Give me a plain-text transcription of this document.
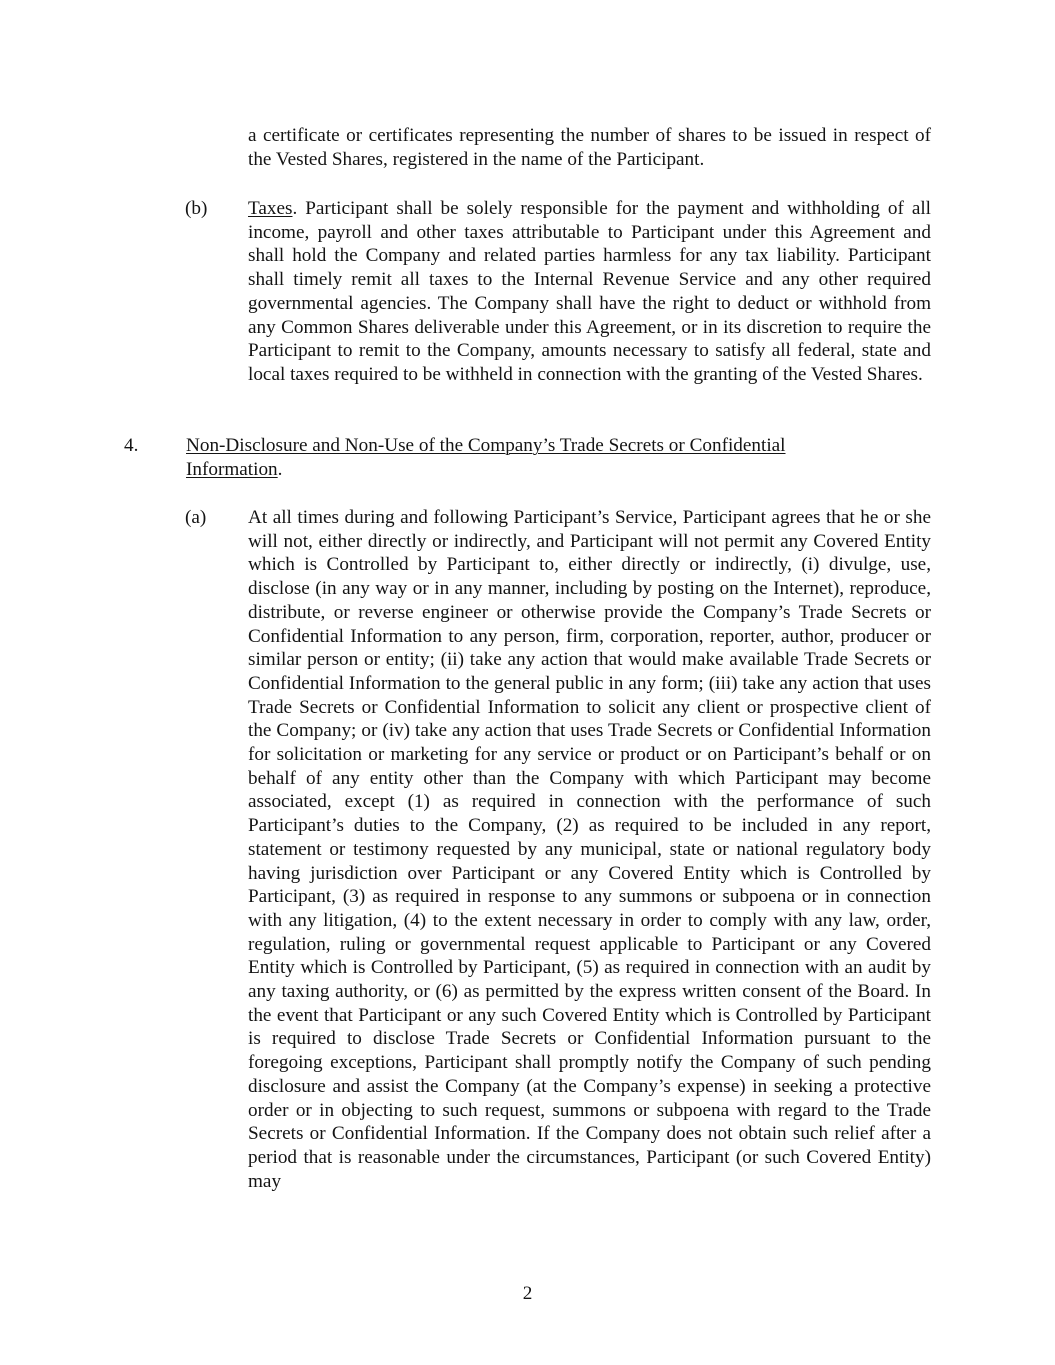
a certificate or certificates representing the number of shares to be issued in respect of the Vested Shares, registered in the name of the Participant.

(b) Taxes. Participant shall be solely responsible for the payment and withholding of all income, payroll and other taxes attributable to Participant under this Agreement and shall hold the Company and related parties harmless for any tax liability. Participant shall timely remit all taxes to the Internal Revenue Service and any other required governmental agencies. The Company shall have the right to deduct or withhold from any Common Shares deliverable under this Agreement, or in its discretion to require the Participant to remit to the Company, amounts necessary to satisfy all federal, state and local taxes required to be withheld in connection with the granting of the Vested Shares.

4. Non-Disclosure and Non-Use of the Company’s Trade Secrets or Confidential Information.

(a) At all times during and following Participant’s Service, Participant agrees that he or she will not, either directly or indirectly, and Participant will not permit any Covered Entity which is Controlled by Participant to, either directly or indirectly, (i) divulge, use, disclose (in any way or in any manner, including by posting on the Internet), reproduce, distribute, or reverse engineer or otherwise provide the Company’s Trade Secrets or Confidential Information to any person, firm, corporation, reporter, author, producer or similar person or entity; (ii) take any action that would make available Trade Secrets or Confidential Information to the general public in any form; (iii) take any action that uses Trade Secrets or Confidential Information to solicit any client or prospective client of the Company; or (iv) take any action that uses Trade Secrets or Confidential Information for solicitation or marketing for any service or product or on Participant’s behalf or on behalf of any entity other than the Company with which Participant may become associated, except (1) as required in connection with the performance of such Participant’s duties to the Company, (2) as required to be included in any report, statement or testimony requested by any municipal, state or national regulatory body having jurisdiction over Participant or any Covered Entity which is Controlled by Participant, (3) as required in response to any summons or subpoena or in connection with any litigation, (4) to the extent necessary in order to comply with any law, order, regulation, ruling or governmental request applicable to Participant or any Covered Entity which is Controlled by Participant, (5) as required in connection with an audit by any taxing authority, or (6) as permitted by the express written consent of the Board. In the event that Participant or any such Covered Entity which is Controlled by Participant is required to disclose Trade Secrets or Confidential Information pursuant to the foregoing exceptions, Participant shall promptly notify the Company of such pending disclosure and assist the Company (at the Company’s expense) in seeking a protective order or in objecting to such request, summons or subpoena with regard to the Trade Secrets or Confidential Information. If the Company does not obtain such relief after a period that is reasonable under the circumstances, Participant (or such Covered Entity) may

2
